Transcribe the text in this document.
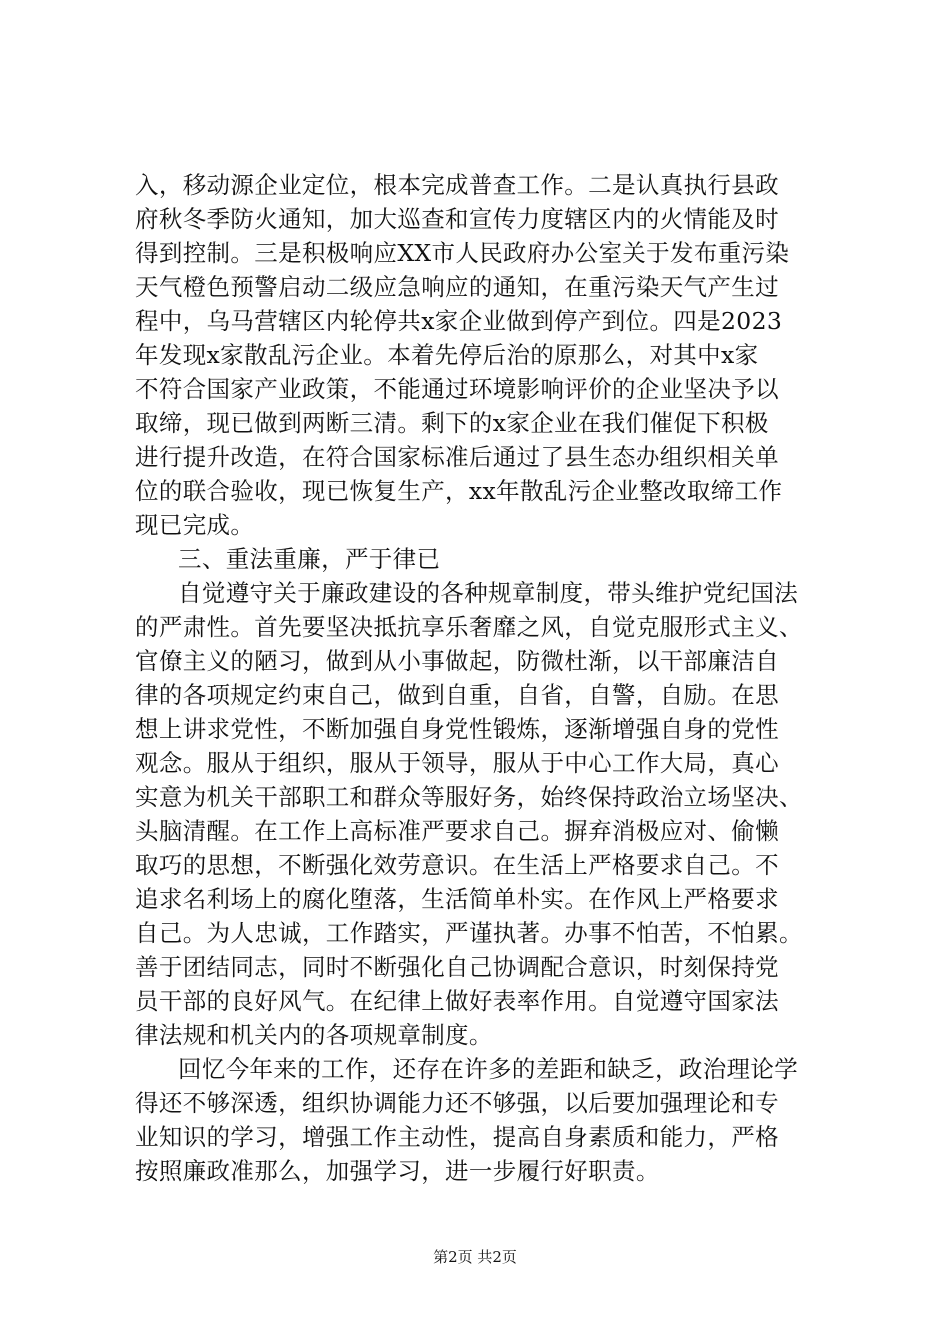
入，移动源企业定位，根本完成普查工作。二是认真执行县政
府秋冬季防火通知，加大巡查和宣传力度辖区内的火情能及时
得到控制。三是积极响应XX市人民政府办公室关于发布重污染
天气橙色预警启动二级应急响应的通知，在重污染天气产生过
程中，乌马营辖区内轮停共x家企业做到停产到位。四是2023
年发现x家散乱污企业。本着先停后治的原那么，对其中x家
不符合国家产业政策，不能通过环境影响评价的企业坚决予以
取缔，现已做到两断三清。剩下的x家企业在我们催促下积极
进行提升改造，在符合国家标准后通过了县生态办组织相关单
位的联合验收，现已恢复生产，xx年散乱污企业整改取缔工作
现已完成。
三、重法重廉，严于律已
自觉遵守关于廉政建设的各种规章制度，带头维护党纪国法
的严肃性。首先要坚决抵抗享乐奢靡之风，自觉克服形式主义、
官僚主义的陋习，做到从小事做起，防微杜渐，以干部廉洁自
律的各项规定约束自己，做到自重，自省，自警，自励。在思
想上讲求党性，不断加强自身党性锻炼，逐渐增强自身的党性
观念。服从于组织，服从于领导，服从于中心工作大局，真心
实意为机关干部职工和群众等服好务，始终保持政治立场坚决、
头脑清醒。在工作上高标准严要求自己。摒弃消极应对、偷懒
取巧的思想，不断强化效劳意识。在生活上严格要求自己。不
追求名利场上的腐化堕落，生活简单朴实。在作风上严格要求
自己。为人忠诚，工作踏实，严谨执著。办事不怕苦，不怕累。
善于团结同志，同时不断强化自己协调配合意识，时刻保持党
员干部的良好风气。在纪律上做好表率作用。自觉遵守国家法
律法规和机关内的各项规章制度。
回忆今年来的工作，还存在许多的差距和缺乏，政治理论学
得还不够深透，组织协调能力还不够强，以后要加强理论和专
业知识的学习，增强工作主动性，提高自身素质和能力，严格
按照廉政准那么，加强学习，进一步履行好职责。
第2页 共2页
